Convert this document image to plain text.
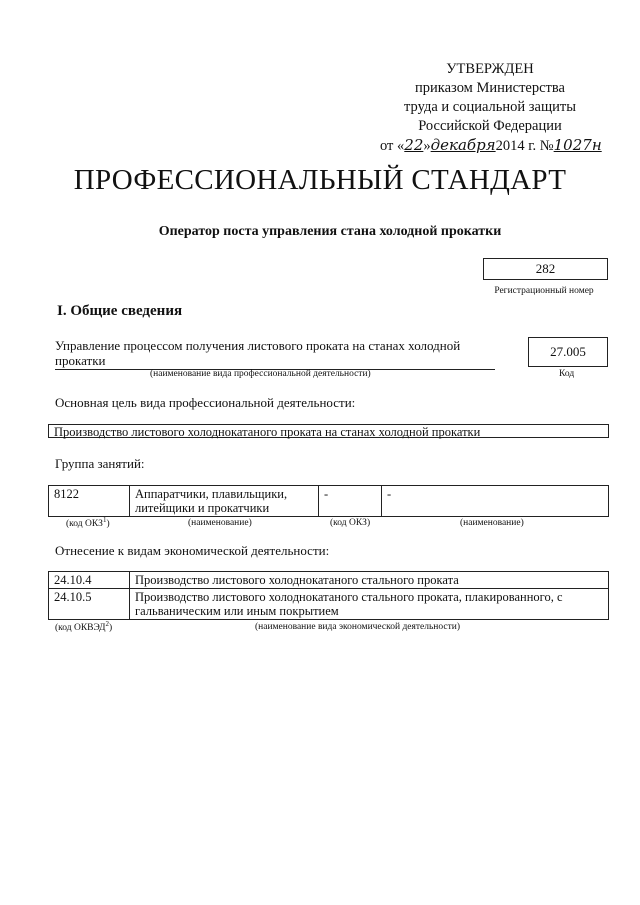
УТВЕРЖДЕН
приказом Министерства
труда и социальной защиты
Российской Федерации
от «22»декабря2014 г. №1027н
ПРОФЕССИОНАЛЬНЫЙ СТАНДАРТ
Оператор поста управления стана холодной прокатки
282
Регистрационный номер
I. Общие сведения
Управление процессом получения листового проката на станах холодной прокатки
(наименование вида профессиональной деятельности)
27.005
Код
Основная цель вида профессиональной деятельности:
Производство листового холоднокатаного проката на станах холодной прокатки
Группа занятий:
8122	Аппаратчики, плавильщики, литейщики и прокатчики	-	-
(код ОКЗ$^1$)	(наименование)	(код ОКЗ)	(наименование)
Отнесение к видам экономической деятельности:
24.10.4	Производство листового холоднокатаного стального проката
24.10.5	Производство листового холоднокатаного стального проката, плакированного, с гальваническим или иным покрытием
(код ОКВЭД$^2$)	(наименование вида экономической деятельности)
